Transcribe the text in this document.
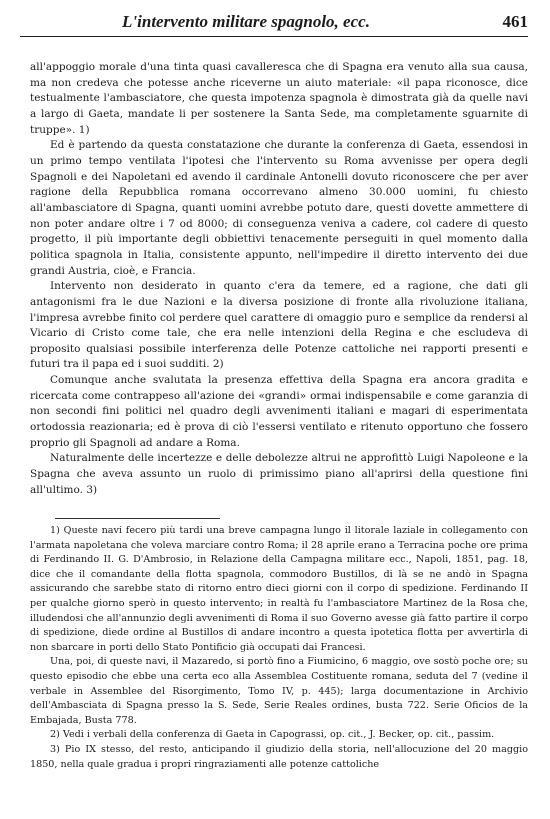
L'intervento militare spagnolo, ecc.	461

all'appoggio morale d'una tinta quasi cavalleresca che di Spagna era venuto alla sua causa, ma non credeva che potesse anche riceverne un aiuto materiale: «il papa riconosce, dice testualmente l'ambasciatore, che questa impotenza spagnola è dimostrata già da quelle navi a largo di Gaeta, mandate li per sostenere la Santa Sede, ma completamente sguarnite di truppe». 1)

Ed è partendo da questa constatazione che durante la conferenza di Gaeta, essendosi in un primo tempo ventilata l'ipotesi che l'intervento su Roma avvenisse per opera degli Spagnoli e dei Napoletani ed avendo il cardinale Antonelli dovuto riconoscere che per aver ragione della Repubblica romana occorrevano almeno 30.000 uomini, fu chiesto all'ambasciatore di Spagna, quanti uomini avrebbe potuto dare, questi dovette ammettere di non poter andare oltre i 7 od 8000; di conseguenza veniva a cadere, col cadere di questo progetto, il più importante degli obbiettivi tenacemente perseguiti in quel momento dalla politica spagnola in Italia, consistente appunto, nell'impedire il diretto intervento dei due grandi Austria, cioè, e Francia.

Intervento non desiderato in quanto c'era da temere, ed a ragione, che dati gli antagonismi fra le due Nazioni e la diversa posizione di fronte alla rivoluzione italiana, l'impresa avrebbe finito col perdere quel carattere di omaggio puro e semplice da rendersi al Vicario di Cristo come tale, che era nelle intenzioni della Regina e che escludeva di proposito qualsiasi possibile interferenza delle Potenze cattoliche nei rapporti presenti e futuri tra il papa ed i suoi sudditi. 2)

Comunque anche svalutata la presenza effettiva della Spagna era ancora gradita e ricercata come contrappeso all'azione dei «grandi» ormai indispensabile e come garanzia di non secondi fini politici nel quadro degli avvenimenti italiani e magari di esperimentata ortodossia reazionaria; ed è prova di ciò l'essersi ventilato e ritenuto opportuno che fossero proprio gli Spagnoli ad andare a Roma.

Naturalmente delle incertezze e delle debolezze altrui ne approfittò Luigi Napoleone e la Spagna che aveva assunto un ruolo di primissimo piano all'aprirsi della questione fini all'ultimo. 3)

1) Queste navi fecero più tardi una breve campagna lungo il litorale laziale in collegamento con l'armata napoletana che voleva marciare contro Roma; il 28 aprile erano a Terracina poche ore prima di Ferdinando II. G. D'Ambrosio, in Relazione della Campagna militare ecc., Napoli, 1851, pag. 18, dice che il comandante della flotta spagnola, commodoro Bustillos, di là se ne andò in Spagna assicurando che sarebbe stato di ritorno entro dieci giorni con il corpo di spedizione. Ferdinando II per qualche giorno sperò in questo intervento; in realtà fu l'ambasciatore Martinez de la Rosa che, illudendosi che all'annunzio degli avvenimenti di Roma il suo Governo avesse già fatto partire il corpo di spedizione, diede ordine al Bustillos di andare incontro a questa ipotetica flotta per avvertirla di non sbarcare in porti dello Stato Pontificio già occupati dai Francesi.

Una, poi, di queste navi, il Mazaredo, si portò fino a Fiumicino, 6 maggio, ove sostò poche ore; su questo episodio che ebbe una certa eco alla Assemblea Costituente romana, seduta del 7 (vedine il verbale in Assemblee del Risorgimento, Tomo IV, p. 445); larga documentazione in Archivio dell'Ambasciata di Spagna presso la S. Sede, Serie Reales ordines, busta 722. Serie Oficios de la Embajada, Busta 778.

2) Vedi i verbali della conferenza di Gaeta in Capograssi, op. cit., J. Becker, op. cit., passim.

3) Pio IX stesso, del resto, anticipando il giudizio della storia, nell'allocuzione del 20 maggio 1850, nella quale gradua i propri ringraziamenti alle potenze cattoliche
